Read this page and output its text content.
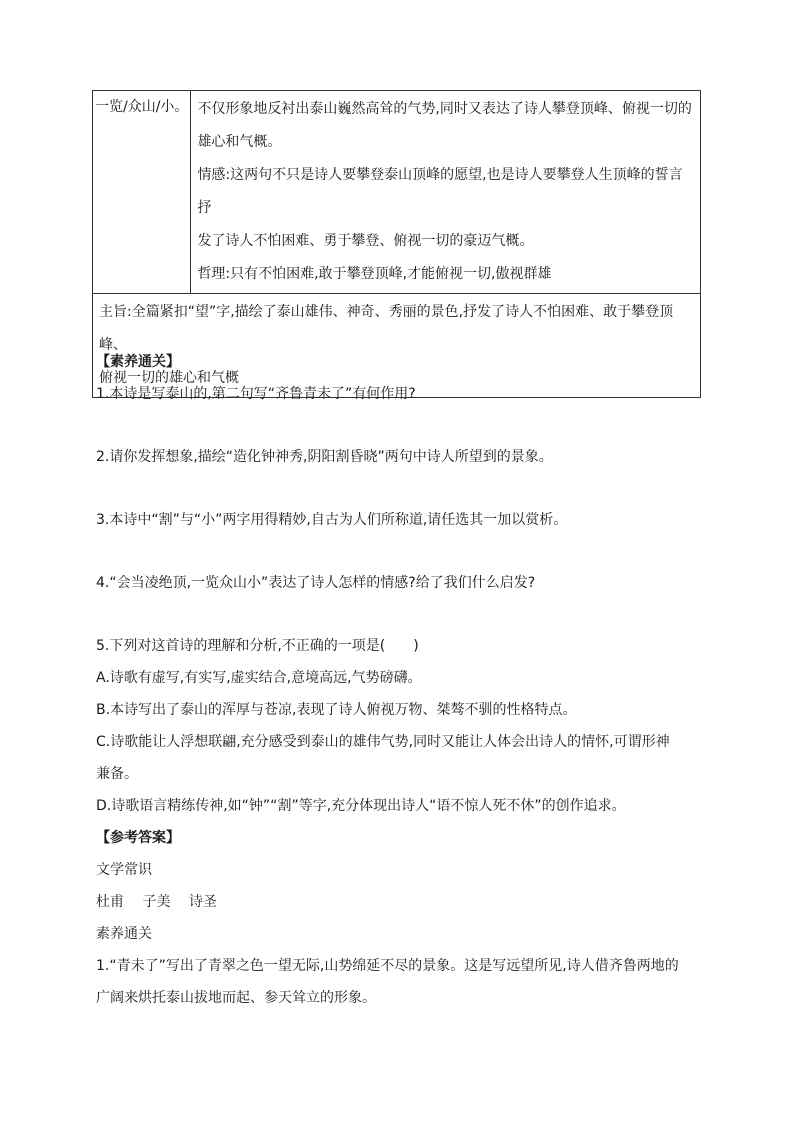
一览/众山/小。	不仅形象地反衬出泰山巍然高耸的气势,同时又表达了诗人攀登顶峰、俯视一切的
雄心和气概。
情感:这两句不只是诗人要攀登泰山顶峰的愿望,也是诗人要攀登人生顶峰的誓言抒
发了诗人不怕困难、勇于攀登、俯视一切的豪迈气概。
哲理:只有不怕困难,敢于攀登顶峰,才能俯视一切,傲视群雄

主旨:全篇紧扣“望”字,描绘了泰山雄伟、神奇、秀丽的景色,抒发了诗人不怕困难、敢于攀登顶峰、
俯视一切的雄心和气概
【素养通关】
1.本诗是写泰山的,第二句写“齐鲁青未了”有何作用?
2.请你发挥想象,描绘“造化钟神秀,阴阳割昏晓”两句中诗人所望到的景象。
3.本诗中“割”与“小”两字用得精妙,自古为人们所称道,请任选其一加以赏析。
4.“会当凌绝顶,一览众山小”表达了诗人怎样的情感?给了我们什么启发?
5.下列对这首诗的理解和分析,不正确的一项是(　　)
A.诗歌有虚写,有实写,虚实结合,意境高远,气势磅礴。
B.本诗写出了泰山的浑厚与苍凉,表现了诗人俯视万物、桀骜不驯的性格特点。
C.诗歌能让人浮想联翩,充分感受到泰山的雄伟气势,同时又能让人体会出诗人的情怀,可谓形神
兼备。
D.诗歌语言精练传神,如“钟”“割”等字,充分体现出诗人“语不惊人死不休”的创作追求。
【参考答案】
文学常识
杜甫 子美 诗圣
素养通关
1.“青未了”写出了青翠之色一望无际,山势绵延不尽的景象。这是写远望所见,诗人借齐鲁两地的
广阔来烘托泰山拔地而起、参天耸立的形象。
